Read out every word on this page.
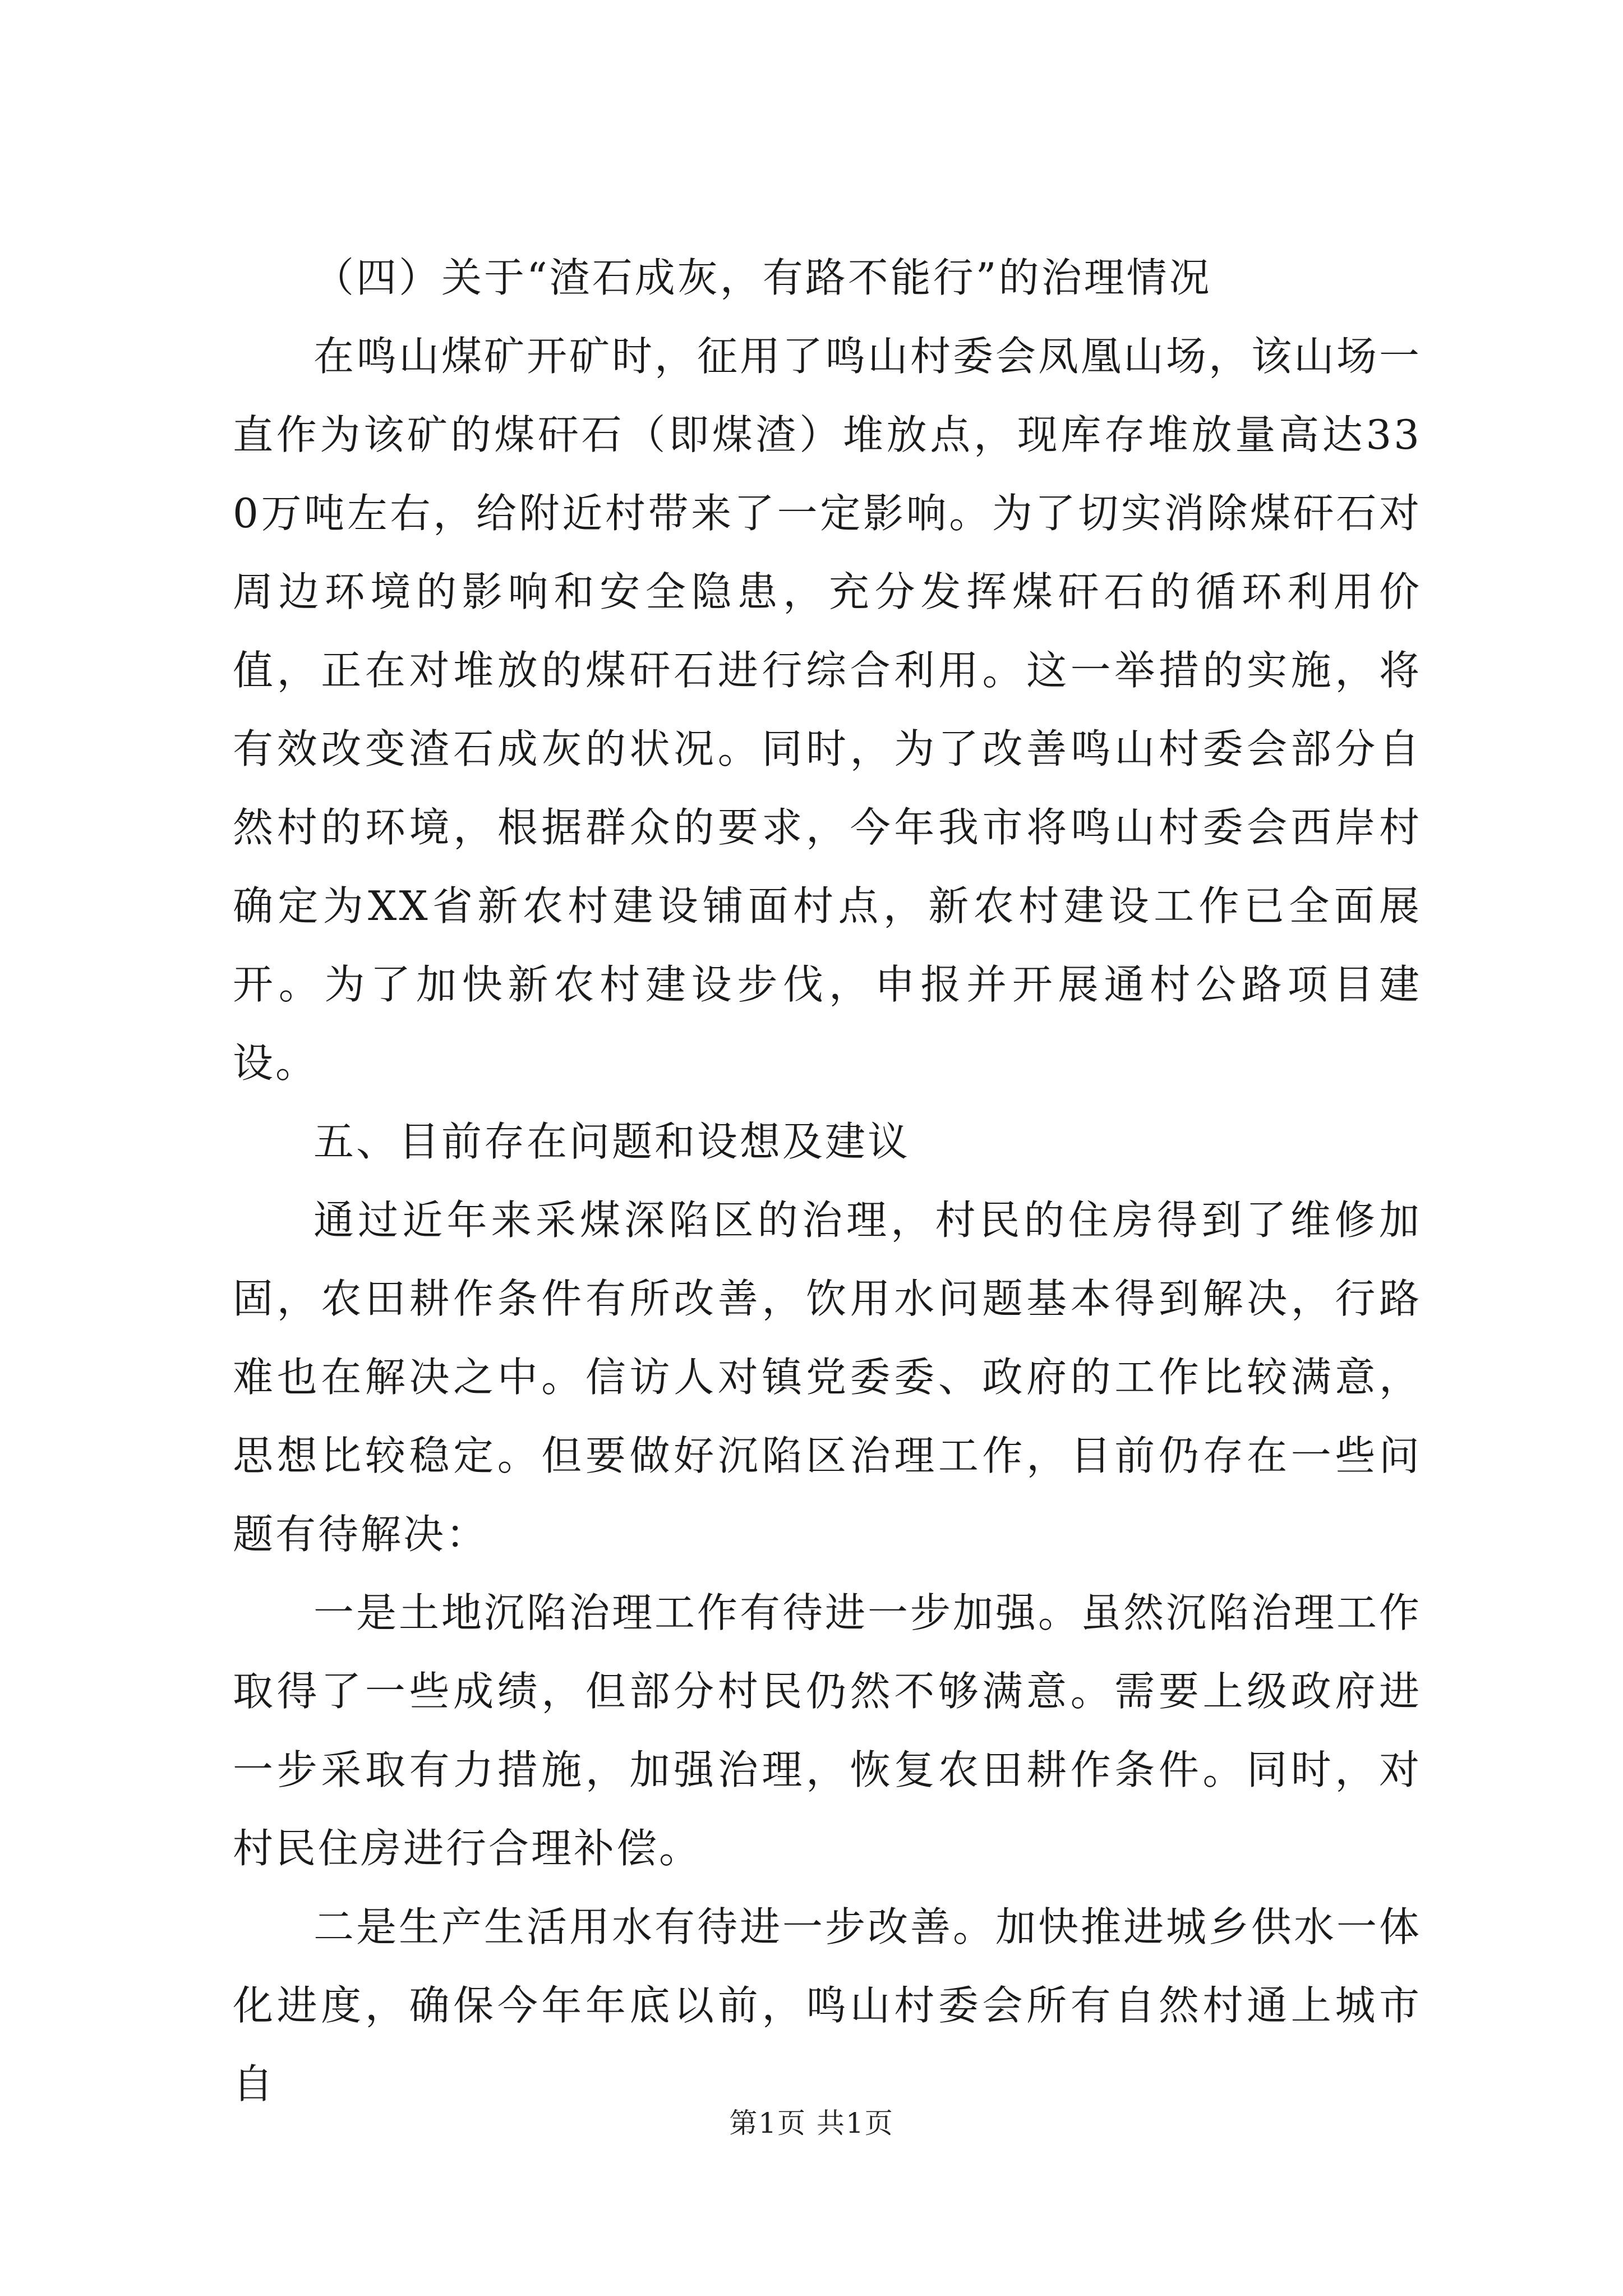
（四）关于“渣石成灰，有路不能行”的治理情况

在鸣山煤矿开矿时，征用了鸣山村委会凤凰山场，该山场一直作为该矿的煤矸石（即煤渣）堆放点，现库存堆放量高达330万吨左右，给附近村带来了一定影响。为了切实消除煤矸石对周边环境的影响和安全隐患，充分发挥煤矸石的循环利用价值，正在对堆放的煤矸石进行综合利用。这一举措的实施，将有效改变渣石成灰的状况。同时，为了改善鸣山村委会部分自然村的环境，根据群众的要求，今年我市将鸣山村委会西岸村确定为XX省新农村建设铺面村点，新农村建设工作已全面展开。为了加快新农村建设步伐，申报并开展通村公路项目建设。

五、目前存在问题和设想及建议

通过近年来采煤深陷区的治理，村民的住房得到了维修加固，农田耕作条件有所改善，饮用水问题基本得到解决，行路难也在解决之中。信访人对镇党委委、政府的工作比较满意，思想比较稳定。但要做好沉陷区治理工作，目前仍存在一些问题有待解决：

一是土地沉陷治理工作有待进一步加强。虽然沉陷治理工作取得了一些成绩，但部分村民仍然不够满意。需要上级政府进一步采取有力措施，加强治理，恢复农田耕作条件。同时，对村民住房进行合理补偿。

二是生产生活用水有待进一步改善。加快推进城乡供水一体化进度，确保今年年底以前，鸣山村委会所有自然村通上城市自

第1页 共1页
